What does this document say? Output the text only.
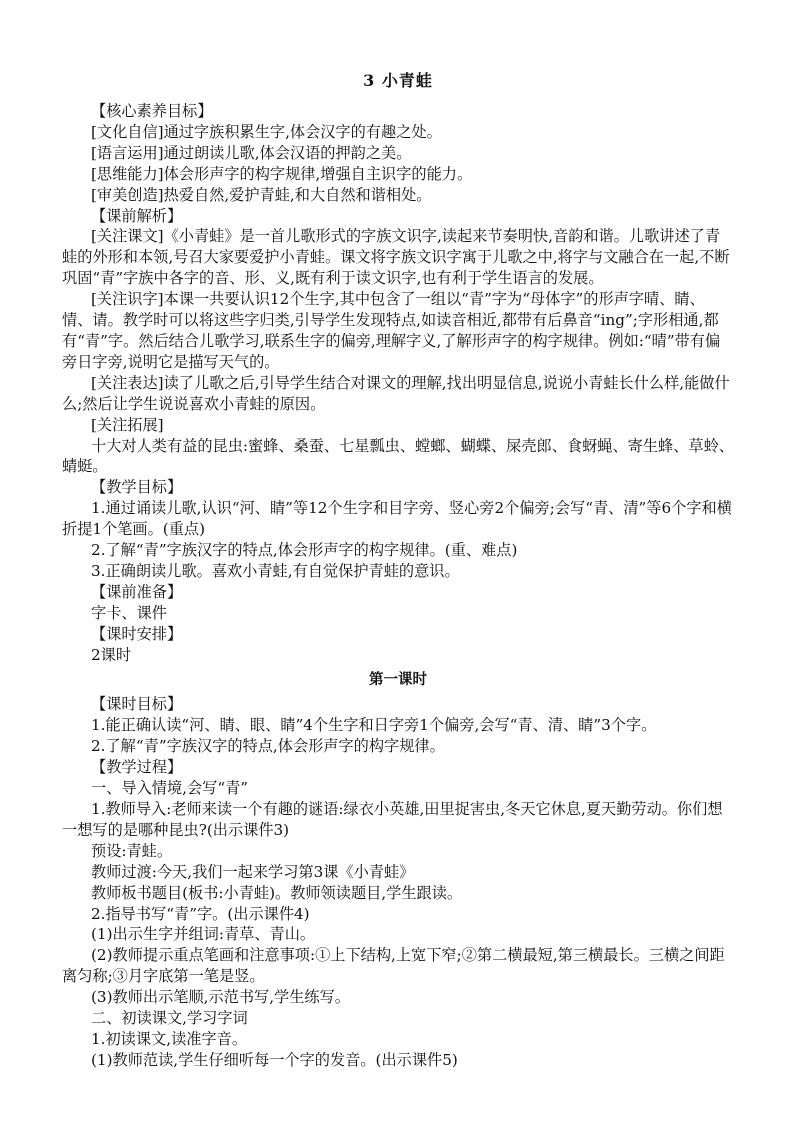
3 小青蛙

【核心素养目标】

[文化自信]通过字族积累生字,体会汉字的有趣之处。

[语言运用]通过朗读儿歌,体会汉语的押韵之美。

[思维能力]体会形声字的构字规律,增强自主识字的能力。

[审美创造]热爱自然,爱护青蛙,和大自然和谐相处。

【课前解析】

[关注课文]《小青蛙》是一首儿歌形式的字族文识字,读起来节奏明快,音韵和谐。儿歌讲述了青蛙的外形和本领,号召大家要爱护小青蛙。课文将字族文识字寓于儿歌之中,将字与文融合在一起,不断巩固“青”字族中各字的音、形、义,既有利于读文识字,也有利于学生语言的发展。

[关注识字]本课一共要认识12个生字,其中包含了一组以“青”字为“母体字”的形声字晴、睛、情、请。教学时可以将这些字归类,引导学生发现特点,如读音相近,都带有后鼻音“ing”;字形相通,都有“青”字。然后结合儿歌学习,联系生字的偏旁,理解字义,了解形声字的构字规律。例如:“晴”带有偏旁日字旁,说明它是描写天气的。

[关注表达]读了儿歌之后,引导学生结合对课文的理解,找出明显信息,说说小青蛙长什么样,能做什么;然后让学生说说喜欢小青蛙的原因。

[关注拓展]

十大对人类有益的昆虫:蜜蜂、桑蚕、七星瓢虫、螳螂、蝴蝶、屎壳郎、食蚜蝇、寄生蜂、草蛉、蜻蜓。

【教学目标】

1.通过诵读儿歌,认识“河、睛”等12个生字和目字旁、竖心旁2个偏旁;会写“青、清”等6个字和横折提1个笔画。(重点)

2.了解“青”字族汉字的特点,体会形声字的构字规律。(重、难点)

3.正确朗读儿歌。喜欢小青蛙,有自觉保护青蛙的意识。

【课前准备】

字卡、课件

【课时安排】

2课时

第一课时

【课时目标】

1.能正确认读“河、睛、眼、睛”4个生字和日字旁1个偏旁,会写“青、清、睛”3个字。

2.了解“青”字族汉字的特点,体会形声字的构字规律。

【教学过程】

一、导入情境,会写“青”

1.教师导入:老师来读一个有趣的谜语:绿衣小英雄,田里捉害虫,冬天它休息,夏天勤劳动。你们想一想写的是哪种昆虫?(出示课件3)

预设:青蛙。

教师过渡:今天,我们一起来学习第3课《小青蛙》

教师板书题目(板书:小青蛙)。教师领读题目,学生跟读。

2.指导书写“青”字。(出示课件4)

(1)出示生字并组词:青草、青山。

(2)教师提示重点笔画和注意事项:①上下结构,上宽下窄;②第二横最短,第三横最长。三横之间距离匀称;③月字底第一笔是竖。

(3)教师出示笔顺,示范书写,学生练写。

二、初读课文,学习字词

1.初读课文,读准字音。

(1)教师范读,学生仔细听每一个字的发音。(出示课件5)
